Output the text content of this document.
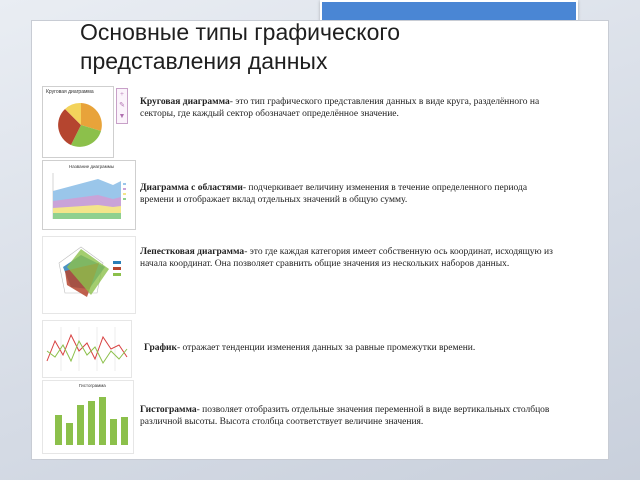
Основные типы графического
представления данных
Круговая диаграмма	+
✎
▼
Круговая диаграмма- это тип графического представления данных в виде круга, разделённого на секторы, где каждый сектор обозначает определённое значение.
Название диаграммы
Диаграмма с областями- подчеркивает величину изменения в течение определенного периода времени и отображает вклад отдельных значений в общую сумму.
Лепестковая диаграмма- это где каждая категория имеет собственную ось координат, исходящую из начала координат. Она позволяет сравнить общие значения из нескольких наборов данных.
График- отражает тенденции изменения данных за равные промежутки времени.
Гистограмма
Гистограмма- позволяет отобразить отдельные значения переменной в виде вертикальных столбцов различной высоты. Высота столбца соответствует величине значения.
